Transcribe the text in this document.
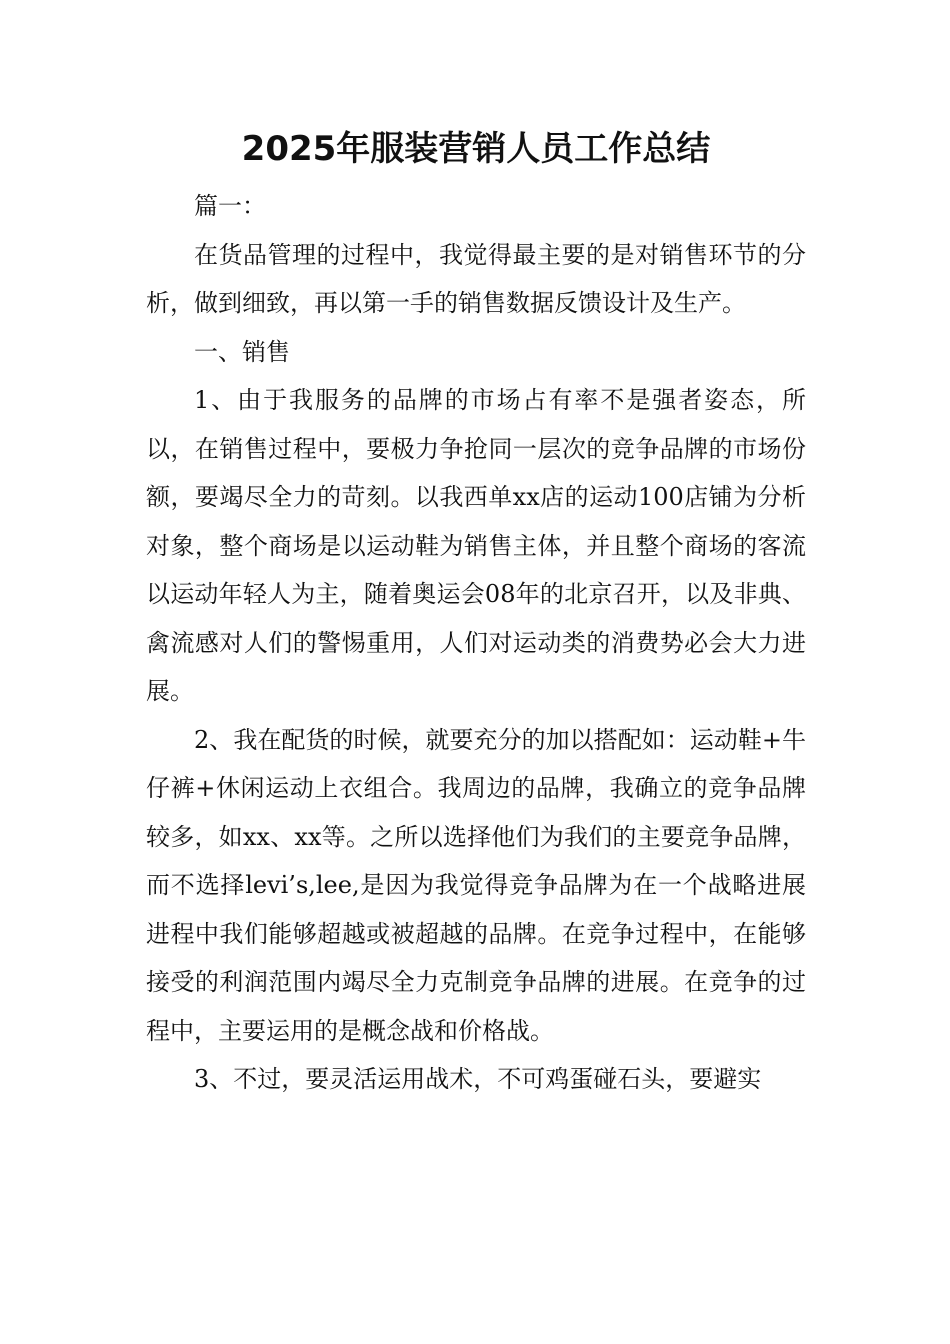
2025年服装营销人员工作总结

篇一：

在货品管理的过程中，我觉得最主要的是对销售环节的分析，做到细致，再以第一手的销售数据反馈设计及生产。

一、销售

1、由于我服务的品牌的市场占有率不是强者姿态，所以，在销售过程中，要极力争抢同一层次的竞争品牌的市场份额，要竭尽全力的苛刻。以我西单xx店的运动100店铺为分析对象，整个商场是以运动鞋为销售主体，并且整个商场的客流以运动年轻人为主，随着奥运会08年的北京召开，以及非典、禽流感对人们的警惕重用，人们对运动类的消费势必会大力进展。

2、我在配货的时候，就要充分的加以搭配如：运动鞋+牛仔裤+休闲运动上衣组合。我周边的品牌，我确立的竞争品牌较多，如xx、xx等。之所以选择他们为我们的主要竞争品牌，而不选择levi’s,lee,是因为我觉得竞争品牌为在一个战略进展进程中我们能够超越或被超越的品牌。在竞争过程中，在能够接受的利润范围内竭尽全力克制竞争品牌的进展。在竞争的过程中，主要运用的是概念战和价格战。

3、不过，要灵活运用战术，不可鸡蛋碰石头，要避实
